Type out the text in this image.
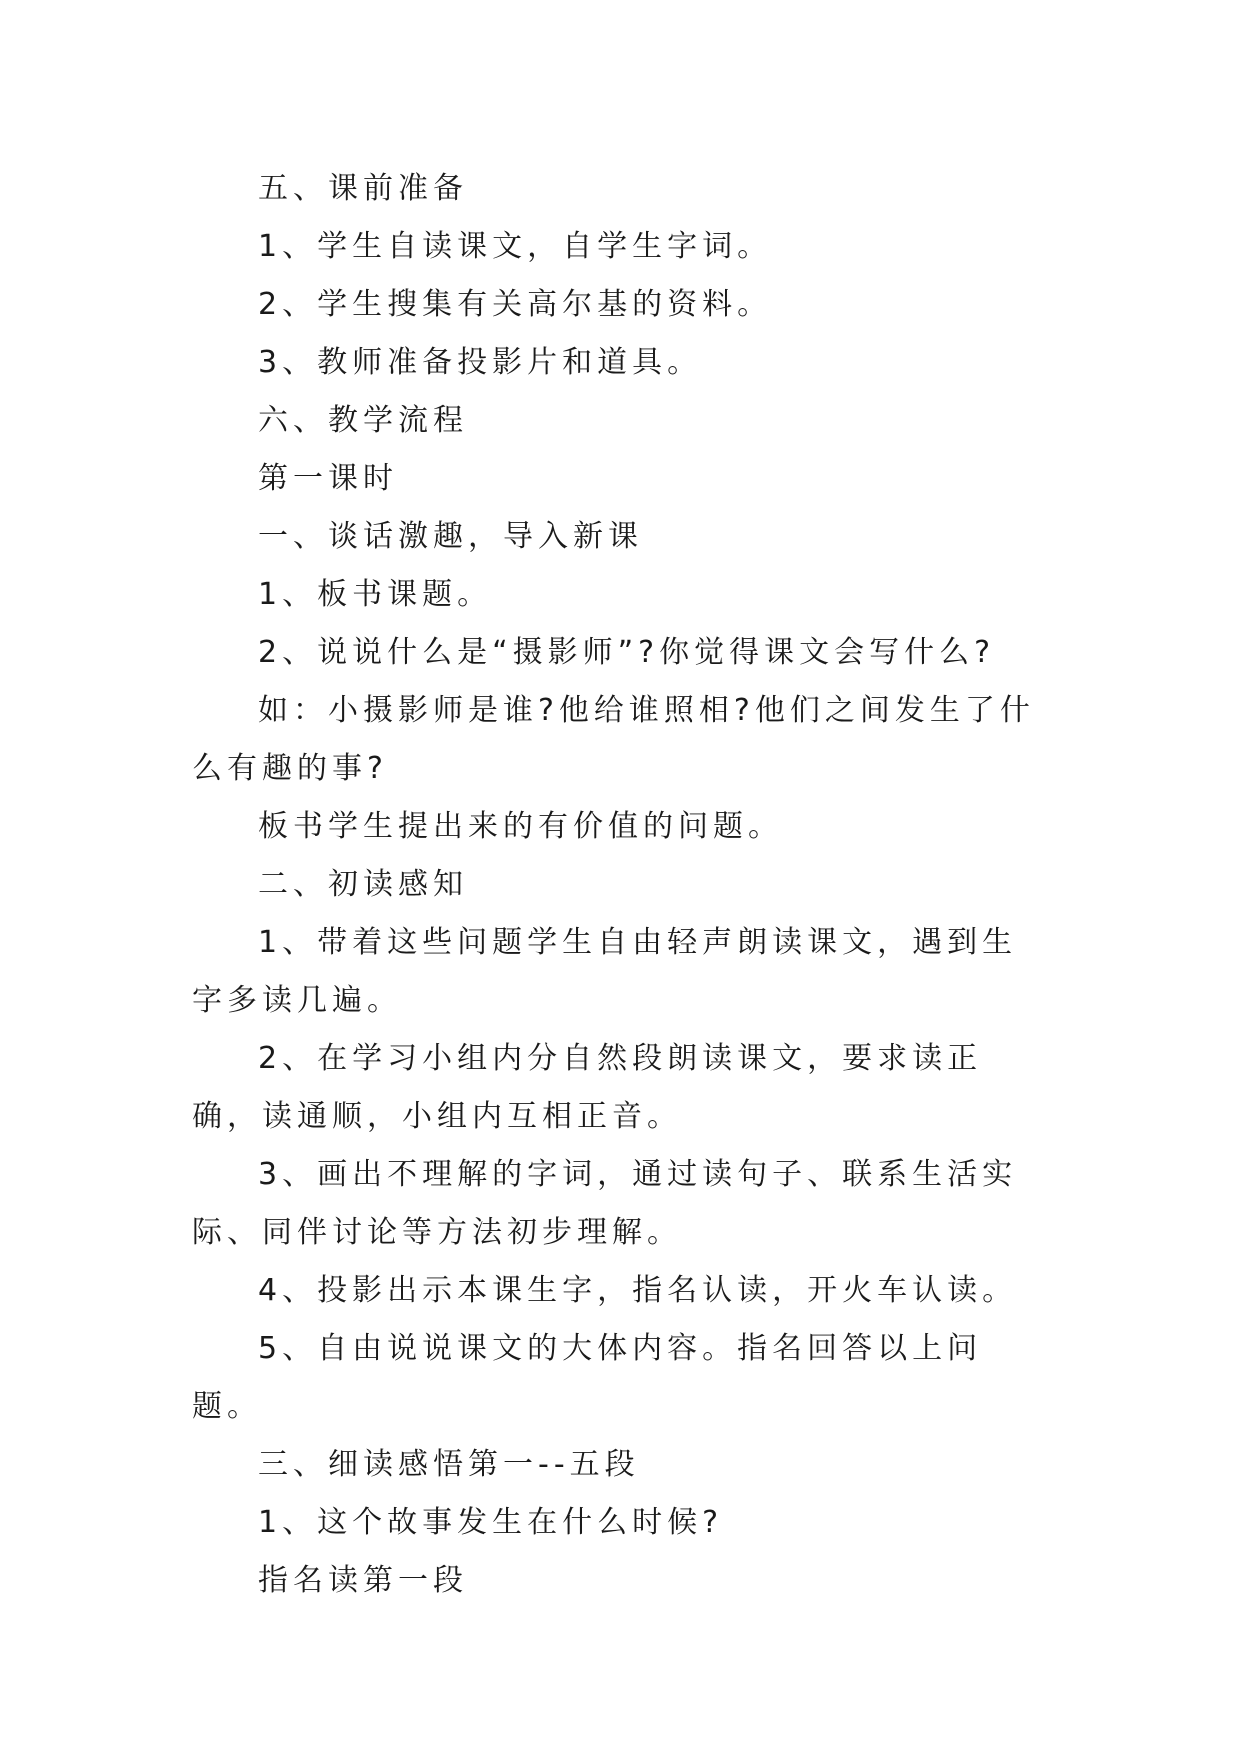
五、课前准备

1、学生自读课文，自学生字词。

2、学生搜集有关高尔基的资料。

3、教师准备投影片和道具。

六、教学流程

第一课时

一、谈话激趣，导入新课

1、板书课题。

2、说说什么是“摄影师”?你觉得课文会写什么?

如：小摄影师是谁?他给谁照相?他们之间发生了什么有趣的事?

板书学生提出来的有价值的问题。

二、初读感知

1、带着这些问题学生自由轻声朗读课文，遇到生字多读几遍。

2、在学习小组内分自然段朗读课文，要求读正确，读通顺，小组内互相正音。

3、画出不理解的字词，通过读句子、联系生活实际、同伴讨论等方法初步理解。

4、投影出示本课生字，指名认读，开火车认读。

5、自由说说课文的大体内容。指名回答以上问题。

三、细读感悟第一--五段

1、这个故事发生在什么时候?

指名读第一段
